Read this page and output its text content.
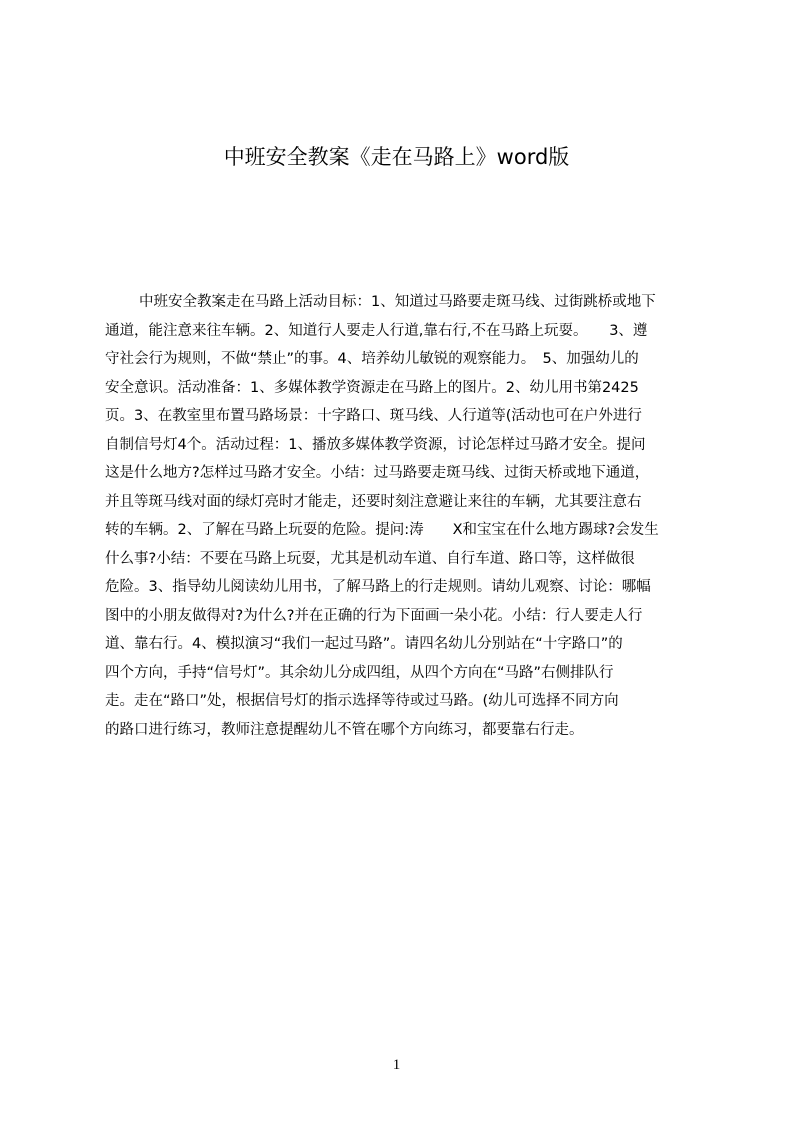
中班安全教案《走在马路上》word版
中班安全教案走在马路上活动目标：1、知道过马路要走斑马线、过街跳桥或地下
通道，能注意来往车辆。2、知道行人要走人行道,靠右行,不在马路上玩耍。　　3、遵
守社会行为规则，不做“禁止”的事。4、培养幼儿敏锐的观察能力。　5、加强幼儿的
安全意识。活动准备：1、多媒体教学资源走在马路上的图片。2、幼儿用书第2425
页。3、在教室里布置马路场景：十字路口、斑马线、人行道等(活动也可在户外进行
自制信号灯4个。活动过程：1、播放多媒体教学资源，讨论怎样过马路才安全。提问
这是什么地方?怎样过马路才安全。小结：过马路要走斑马线、过街天桥或地下通道，
并且等斑马线对面的绿灯亮时才能走，还要时刻注意避让来往的车辆，尤其要注意右
转的车辆。2、了解在马路上玩耍的危险。提问:涛　　X和宝宝在什么地方踢球?会发生
什么事?小结：不要在马路上玩耍，尤其是机动车道、自行车道、路口等，这样做很
危险。3、指导幼儿阅读幼儿用书，了解马路上的行走规则。请幼儿观察、讨论：哪幅
图中的小朋友做得对?为什么?并在正确的行为下面画一朵小花。小结：行人要走人行
道、靠右行。4、模拟演习“我们一起过马路”。请四名幼儿分别站在“十字路口”的
四个方向，手持“信号灯”。其余幼儿分成四组，从四个方向在“马路”右侧排队行
走。走在“路口”处，根据信号灯的指示选择等待或过马路。(幼儿可选择不同方向
的路口进行练习，教师注意提醒幼儿不管在哪个方向练习，都要靠右行走。
1
